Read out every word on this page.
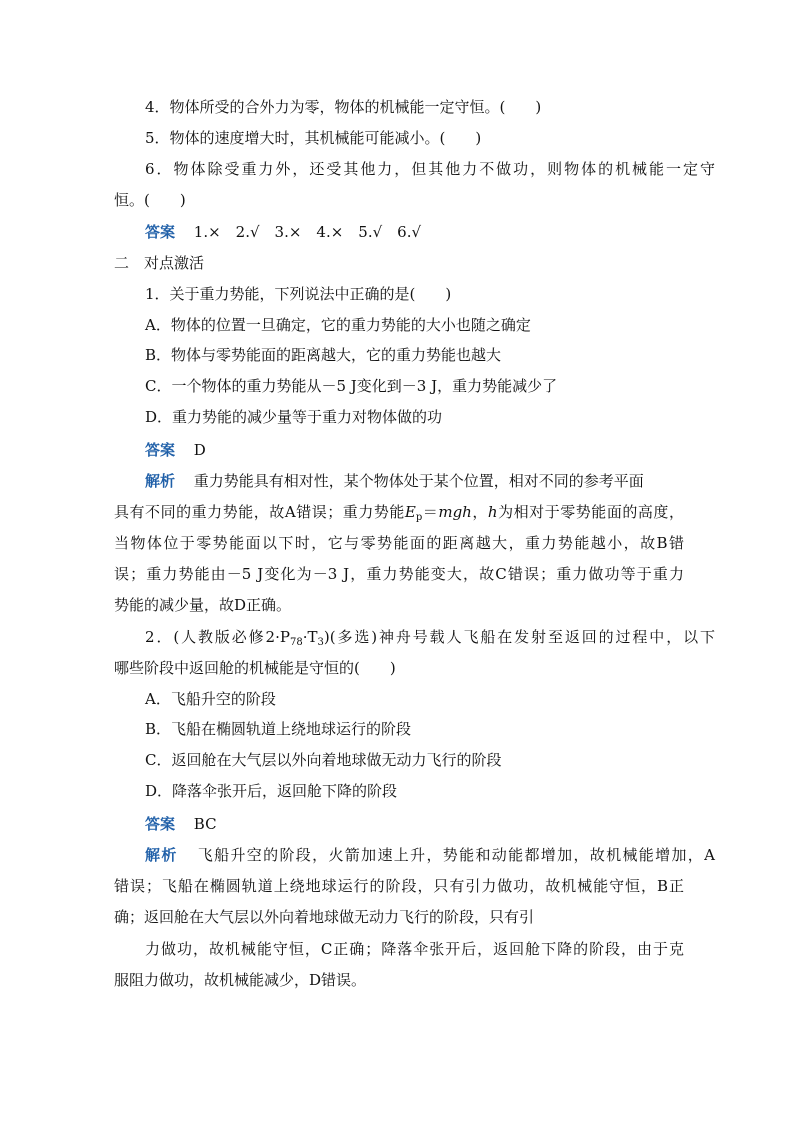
4．物体所受的合外力为零，物体的机械能一定守恒。(　　)
5．物体的速度增大时，其机械能可能减小。(　　)
6．物体除受重力外，还受其他力，但其他力不做功，则物体的机械能一定守
恒。(　　)
答案 1.×　2.√　3.×　4.×　5.√　6.√
二　对点激活
1．关于重力势能，下列说法中正确的是(　　)
A．物体的位置一旦确定，它的重力势能的大小也随之确定
B．物体与零势能面的距离越大，它的重力势能也越大
C．一个物体的重力势能从－5 J变化到－3 J，重力势能减少了
D．重力势能的减少量等于重力对物体做的功
答案 D
解析 重力势能具有相对性，某个物体处于某个位置，相对不同的参考平面
具有不同的重力势能，故A错误；重力势能$E_p=mgh$，h为相对于零势能面的高度，
当物体位于零势能面以下时，它与零势能面的距离越大，重力势能越小，故B错
误；重力势能由－5 J变化为－3 J，重力势能变大，故C错误；重力做功等于重力
势能的减少量，故D正确。
2．(人教版必修$2\cdot P_{78}\cdot T_3$)(多选)神舟号载人飞船在发射至返回的过程中，以下
哪些阶段中返回舱的机械能是守恒的(　　)
A．飞船升空的阶段
B．飞船在椭圆轨道上绕地球运行的阶段
C．返回舱在大气层以外向着地球做无动力飞行的阶段
D．降落伞张开后，返回舱下降的阶段
答案 BC
解析 飞船升空的阶段，火箭加速上升，势能和动能都增加，故机械能增加，A
错误；飞船在椭圆轨道上绕地球运行的阶段，只有引力做功，故机械能守恒，B正
确；返回舱在大气层以外向着地球做无动力飞行的阶段，只有引
力做功，故机械能守恒，C正确；降落伞张开后，返回舱下降的阶段，由于克
服阻力做功，故机械能减少，D错误。
